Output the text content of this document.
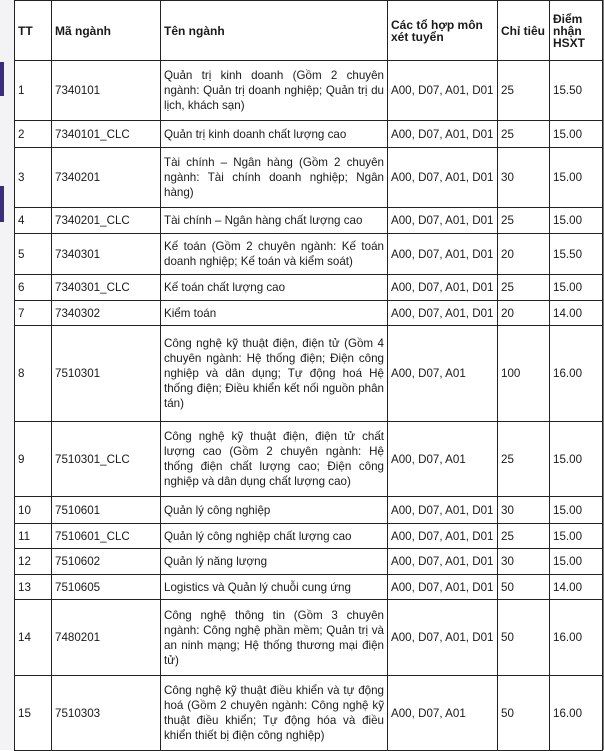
TT	Mã ngành	Tên ngành	Các tổ hợp môn xét tuyển	Chỉ tiêu	Điểm nhận HSXT
1	7340101	Quản trị kinh doanh (Gồm 2 chuyên ngành: Quản trị doanh nghiệp; Quản trị du lịch, khách sạn)	A00, D07, A01, D01	25	15.50
2	7340101_CLC	Quản trị kinh doanh chất lượng cao	A00, D07, A01, D01	25	15.00
3	7340201	Tài chính – Ngân hàng (Gồm 2 chuyên ngành: Tài chính doanh nghiệp; Ngân hàng)	A00, D07, A01, D01	30	15.00
4	7340201_CLC	Tài chính – Ngân hàng chất lượng cao	A00, D07, A01, D01	25	15.00
5	7340301	Kế toán (Gồm 2 chuyên ngành: Kế toán doanh nghiệp; Kế toán và kiểm soát)	A00, D07, A01, D01	20	15.50
6	7340301_CLC	Kế toán chất lượng cao	A00, D07, A01, D01	25	15.00
7	7340302	Kiểm toán	A00, D07, A01, D01	20	14.00
8	7510301	Công nghệ kỹ thuật điện, điện tử (Gồm 4 chuyên ngành: Hệ thống điện; Điện công nghiệp và dân dụng; Tự động hoá Hệ thống điện; Điều khiển kết nối nguồn phân tán)	A00, D07, A01	100	16.00
9	7510301_CLC	Công nghệ kỹ thuật điện, điện tử chất lượng cao (Gồm 2 chuyên ngành: Hệ thống điện chất lượng cao; Điện công nghiệp và dân dụng chất lượng cao)	A00, D07, A01	25	15.00
10	7510601	Quản lý công nghiệp	A00, D07, A01, D01	30	15.00
11	7510601_CLC	Quản lý công nghiệp chất lượng cao	A00, D07, A01, D01	25	15.00
12	7510602	Quản lý năng lượng	A00, D07, A01, D01	30	15.00
13	7510605	Logistics và Quản lý chuỗi cung ứng	A00, D07, A01, D01	50	14.00
14	7480201	Công nghệ thông tin (Gồm 3 chuyên ngành: Công nghệ phần mềm; Quản trị và an ninh mạng; Hệ thống thương mại điện tử)	A00, D07, A01, D01	50	16.00
15	7510303	Công nghệ kỹ thuật điều khiển và tự động hoá (Gồm 2 chuyên ngành: Công nghệ kỹ thuật điều khiển; Tự động hóa và điều khiển thiết bị điện công nghiệp)	A00, D07, A01	50	16.00
